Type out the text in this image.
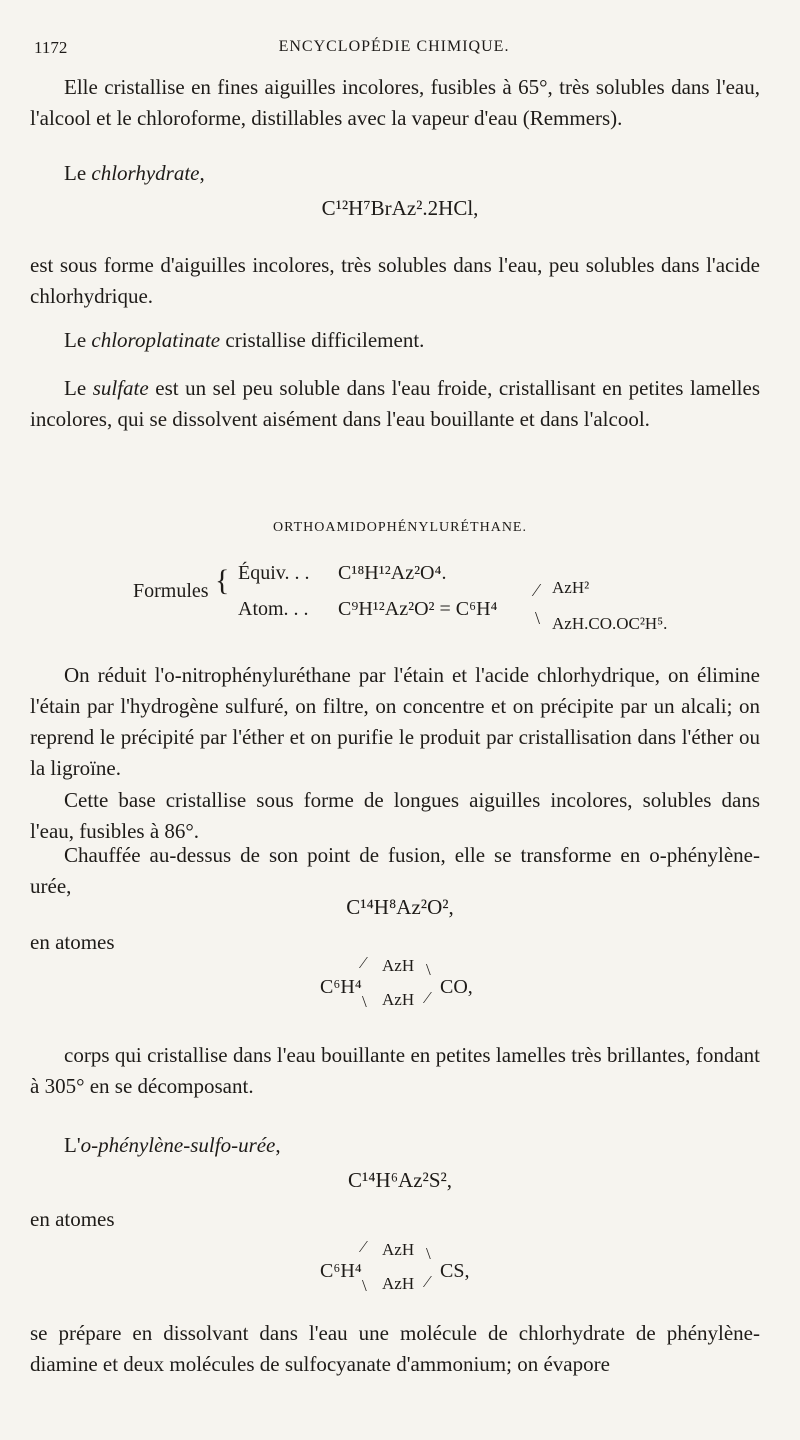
1172	ENCYCLOPÉDIE CHIMIQUE.

Elle cristallise en fines aiguilles incolores, fusibles à 65°, très solubles dans l'eau, l'alcool et le chloroforme, distillables avec la vapeur d'eau (Remmers).

Le chlorhydrate,

C¹²H⁷BrAz².2HCl,

est sous forme d'aiguilles incolores, très solubles dans l'eau, peu solubles dans l'acide chlorhydrique.

Le chloroplatinate cristallise difficilement.

Le sulfate est un sel peu soluble dans l'eau froide, cristallisant en petites lamelles incolores, qui se dissolvent aisément dans l'eau bouillante et dans l'alcool.

ORTHOAMIDOPHÉNYLURÉTHANE.
Formules { Équiv. . . C¹⁸H¹²Az²O⁴.
Atom. . . C⁹H¹²Az²O² = C⁶H⁴
⁄
\
AzH²
AzH.CO.OC²H⁵.

On réduit l'o-nitrophényluréthane par l'étain et l'acide chlorhydrique, on élimine l'étain par l'hydrogène sulfuré, on filtre, on concentre et on précipite par un alcali; on reprend le précipité par l'éther et on purifie le produit par cristallisation dans l'éther ou la ligroïne.

Cette base cristallise sous forme de longues aiguilles incolores, solubles dans l'eau, fusibles à 86°.

Chauffée au-dessus de son point de fusion, elle se transforme en o-phénylène-urée,

C¹⁴H⁸Az²O²,
en atomes
C⁶H⁴
⁄
\
AzH
AzH
\
⁄ CO,

corps qui cristallise dans l'eau bouillante en petites lamelles très brillantes, fondant à 305° en se décomposant.

L'o-phénylène-sulfo-urée,

C¹⁴H⁶Az²S²,
en atomes
C⁶H⁴
⁄
\
AzH
AzH
\
⁄ CS,

se prépare en dissolvant dans l'eau une molécule de chlorhydrate de phénylène-diamine et deux molécules de sulfocyanate d'ammonium; on évapore
